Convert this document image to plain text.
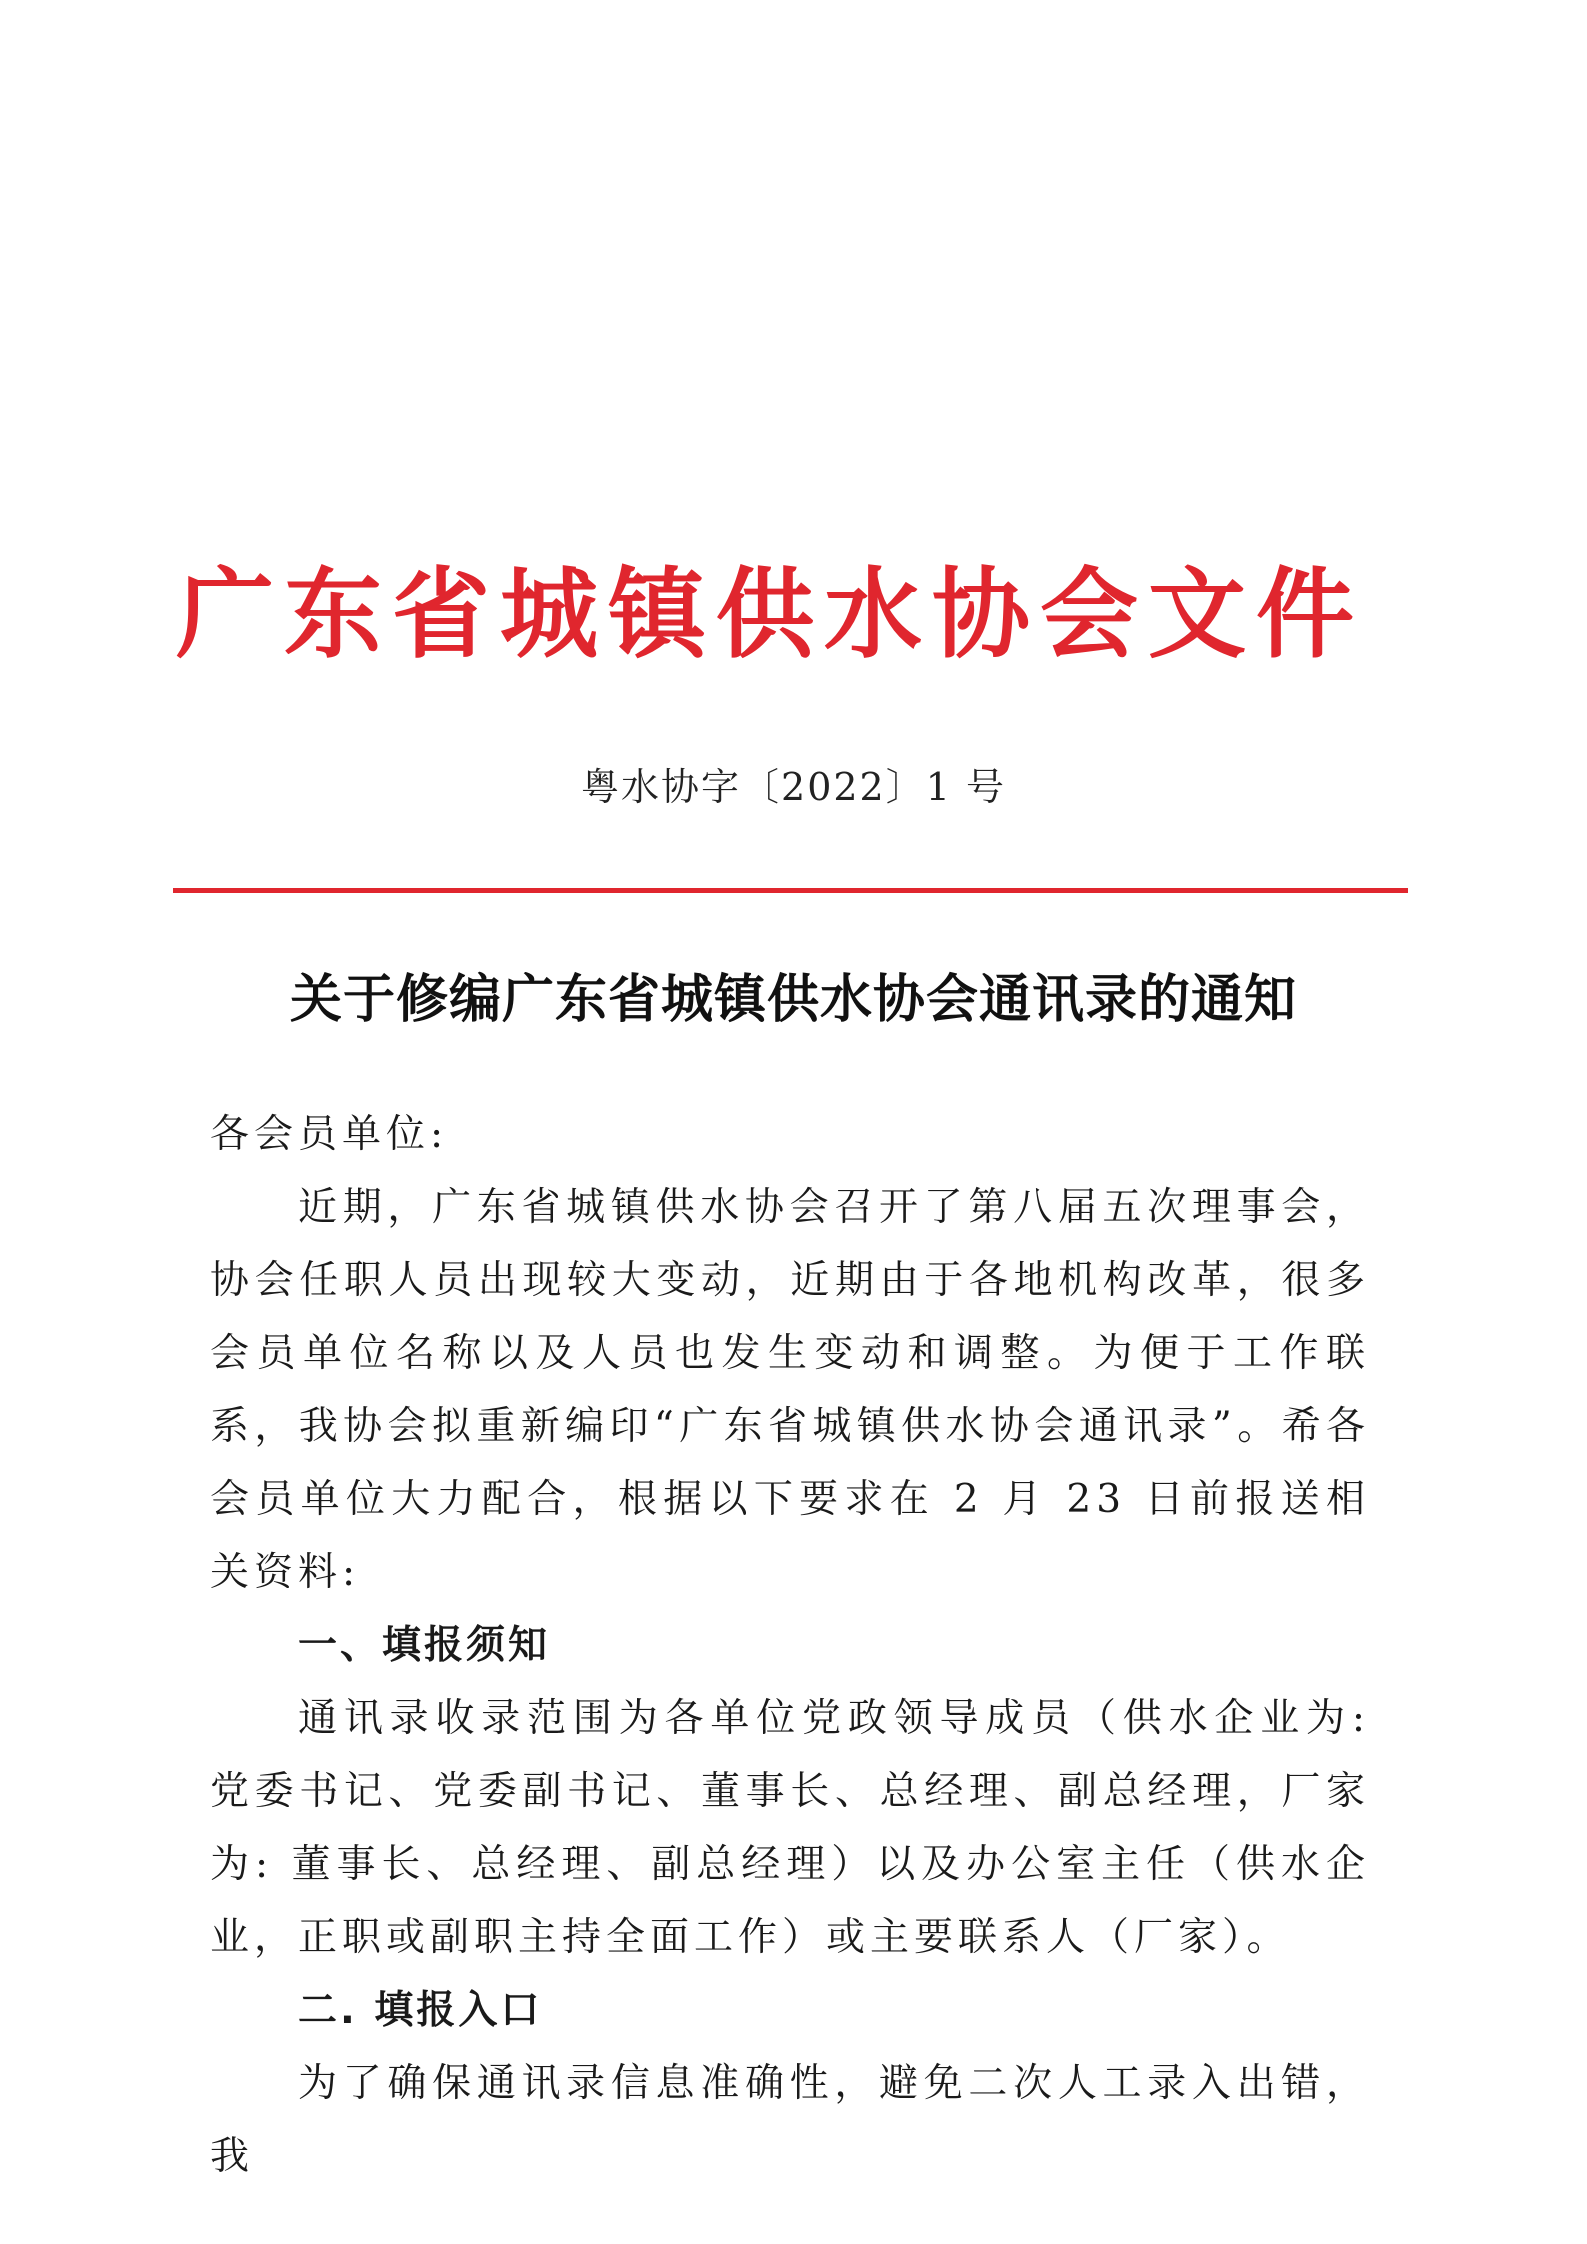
广东省城镇供水协会文件
粤水协字〔2022〕1 号
关于修编广东省城镇供水协会通讯录的通知

各会员单位:

近期，广东省城镇供水协会召开了第八届五次理事会，协会任职人员出现较大变动，近期由于各地机构改革，很多会员单位名称以及人员也发生变动和调整。为便于工作联系，我协会拟重新编印“广东省城镇供水协会通讯录”。希各会员单位大力配合，根据以下要求在 2 月 23 日前报送相关资料:

一、填报须知

通讯录收录范围为各单位党政领导成员（供水企业为: 党委书记、党委副书记、董事长、总经理、副总经理，厂家为: 董事长、总经理、副总经理）以及办公室主任（供水企业，正职或副职主持全面工作）或主要联系人（厂家）。

二. 填报入口

为了确保通讯录信息准确性，避免二次人工录入出错，我
